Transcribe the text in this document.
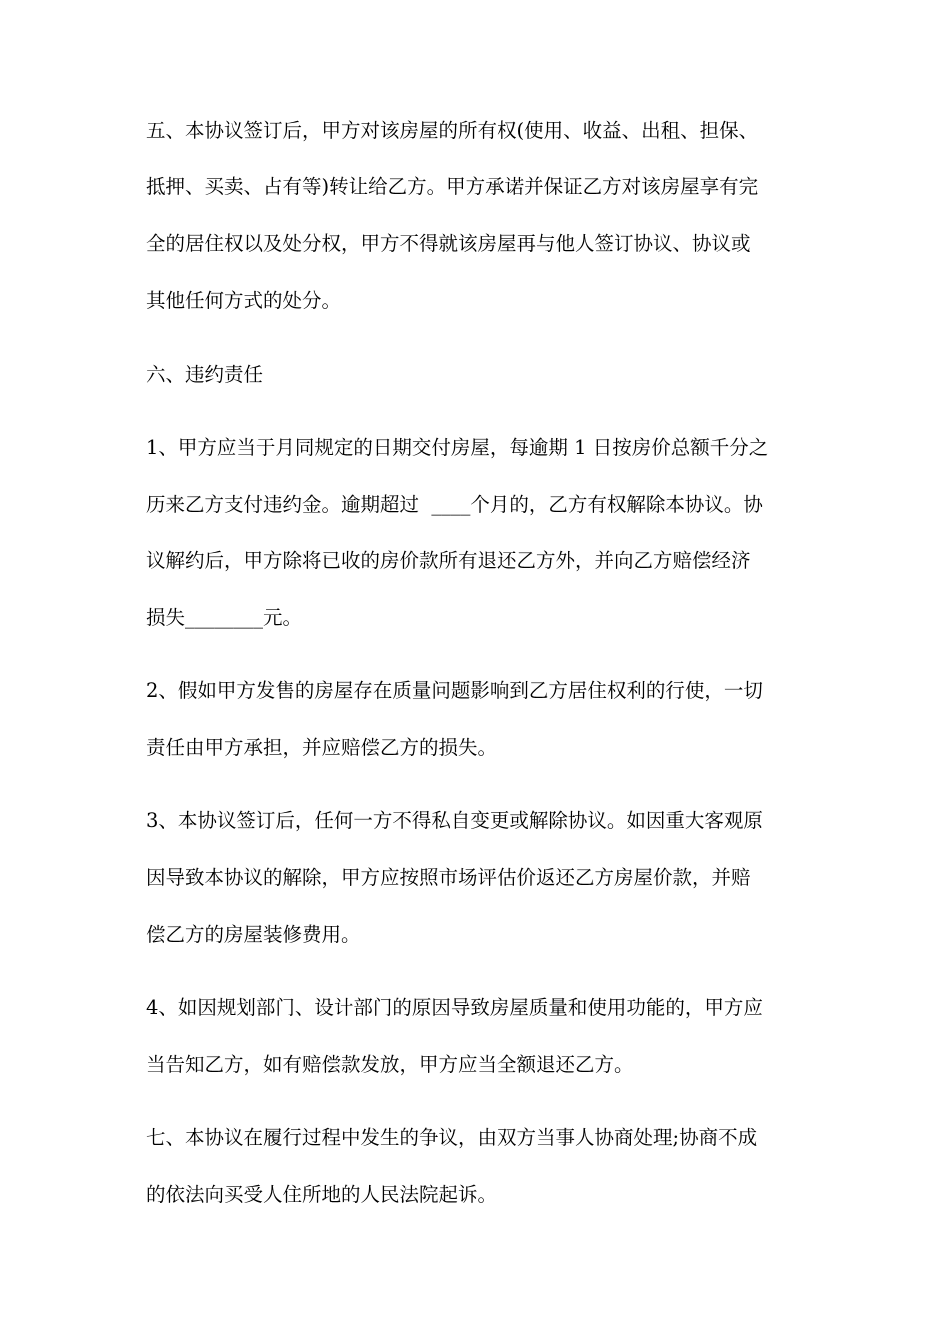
五、本协议签订后，甲方对该房屋的所有权(使用、收益、出租、担保、
抵押、买卖、占有等)转让给乙方。甲方承诺并保证乙方对该房屋享有完
全的居住权以及处分权，甲方不得就该房屋再与他人签订协议、协议或
其他任何方式的处分。
六、违约责任
1、甲方应当于月同规定的日期交付房屋，每逾期 1 日按房价总额千分之
历来乙方支付违约金。逾期超过  ____个月的，乙方有权解除本协议。协
议解约后，甲方除将已收的房价款所有退还乙方外，并向乙方赔偿经济
损失________元。
2、假如甲方发售的房屋存在质量问题影响到乙方居住权利的行使，一切
责任由甲方承担，并应赔偿乙方的损失。
3、本协议签订后，任何一方不得私自变更或解除协议。如因重大客观原
因导致本协议的解除，甲方应按照市场评估价返还乙方房屋价款，并赔
偿乙方的房屋装修费用。
4、如因规划部门、设计部门的原因导致房屋质量和使用功能的，甲方应
当告知乙方，如有赔偿款发放，甲方应当全额退还乙方。
七、本协议在履行过程中发生的争议，由双方当事人协商处理;协商不成
的依法向买受人住所地的人民法院起诉。
